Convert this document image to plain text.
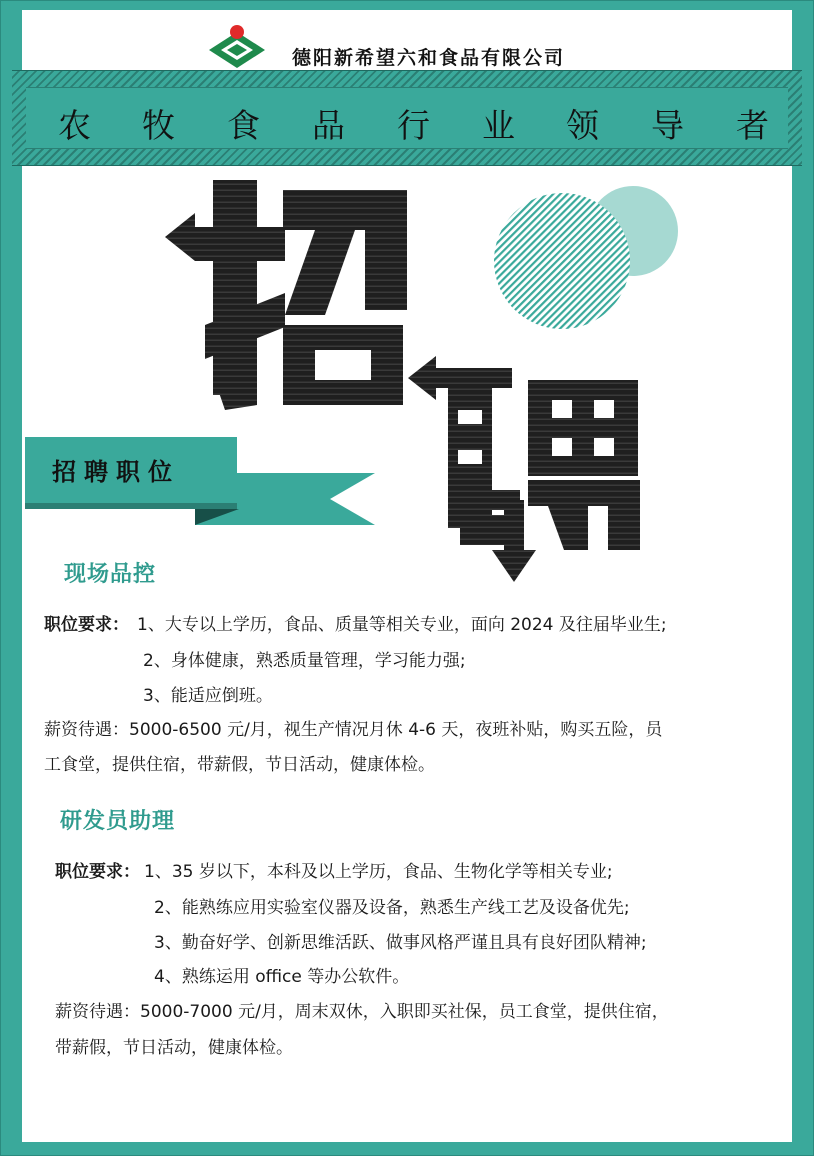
德阳新希望六和食品有限公司
农 牧 食 品 行 业 领 导 者
招聘职位
现场品控
职位要求： 1、大专以上学历，食品、质量等相关专业，面向 2024 及往届毕业生;
2、身体健康，熟悉质量管理，学习能力强;
3、能适应倒班。
薪资待遇：5000-6500 元/月，视生产情况月休 4-6 天，夜班补贴，购买五险，员
工食堂，提供住宿，带薪假，节日活动，健康体检。
研发员助理
职位要求： 1、35 岁以下，本科及以上学历，食品、生物化学等相关专业;
2、能熟练应用实验室仪器及设备，熟悉生产线工艺及设备优先;
3、勤奋好学、创新思维活跃、做事风格严谨且具有良好团队精神;
4、熟练运用 office 等办公软件。
薪资待遇：5000-7000 元/月，周末双休，入职即买社保，员工食堂，提供住宿，
带薪假，节日活动，健康体检。
